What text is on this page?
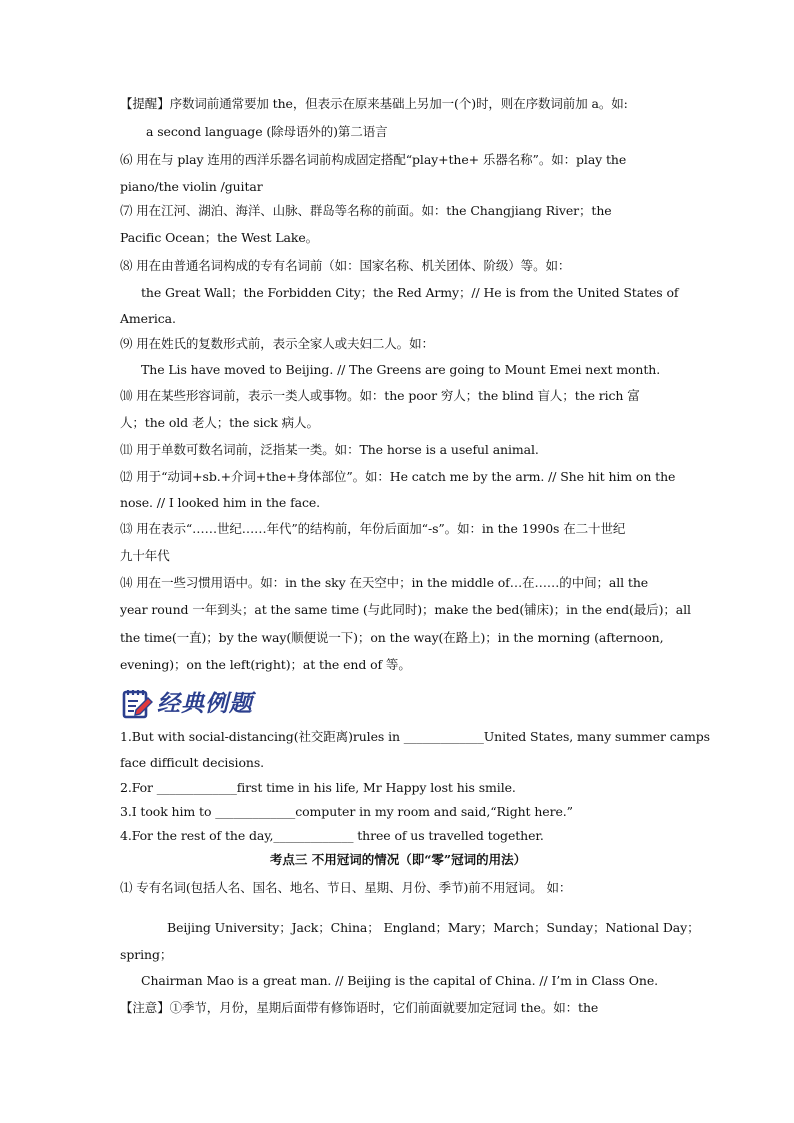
【提醒】序数词前通常要加 the，但表示在原来基础上另加一(个)时，则在序数词前加 a。如:
a second language (除母语外的)第二语言
⑹ 用在与 play 连用的西洋乐器名词前构成固定搭配“play+the+ 乐器名称”。如：play the
piano/the violin /guitar
⑺ 用在江河、湖泊、海洋、山脉、群岛等名称的前面。如：the Changjiang River；the
Pacific Ocean；the West Lake。
⑻ 用在由普通名词构成的专有名词前（如：国家名称、机关团体、阶级）等。如：
the Great Wall；the Forbidden City；the Red Army；// He is from the United States of
America.
⑼ 用在姓氏的复数形式前，表示全家人或夫妇二人。如：
The Lis have moved to Beijing. // The Greens are going to Mount Emei next month.
⑽ 用在某些形容词前，表示一类人或事物。如：the poor 穷人；the blind 盲人；the rich 富
人；the old 老人；the sick 病人。
⑾ 用于单数可数名词前，泛指某一类。如：The horse is a useful animal.
⑿ 用于“动词+sb.+介词+the+身体部位”。如：He catch me by the arm. // She hit him on the
nose. // I looked him in the face.
⒀ 用在表示“……世纪……年代”的结构前，年份后面加“-s”。如：in the 1990s 在二十世纪
九十年代
⒁ 用在一些习惯用语中。如：in the sky 在天空中；in the middle of…在……的中间；all the
year round 一年到头；at the same time (与此同时)；make the bed(铺床)；in the end(最后)；all
the time(一直)；by the way(顺便说一下)；on the way(在路上)；in the morning (afternoon,
evening)；on the left(right)；at the end of 等。
经典例题
1.But with social-distancing(社交距离)rules in _____________United States, many summer camps
face difficult decisions.
2.For _____________first time in his life, Mr Happy lost his smile.
3.I took him to _____________computer in my room and said,“Right here.”
4.For the rest of the day,_____________ three of us travelled together.
考点三 不用冠词的情况（即“零”冠词的用法）
⑴ 专有名词(包括人名、国名、地名、节日、星期、月份、季节)前不用冠词。 如：
Beijing University；Jack；China； England；Mary；March；Sunday；National Day；
spring；
Chairman Mao is a great man. // Beijing is the capital of China. // I’m in Class One.
【注意】①季节，月份，星期后面带有修饰语时，它们前面就要加定冠词 the。如：the
